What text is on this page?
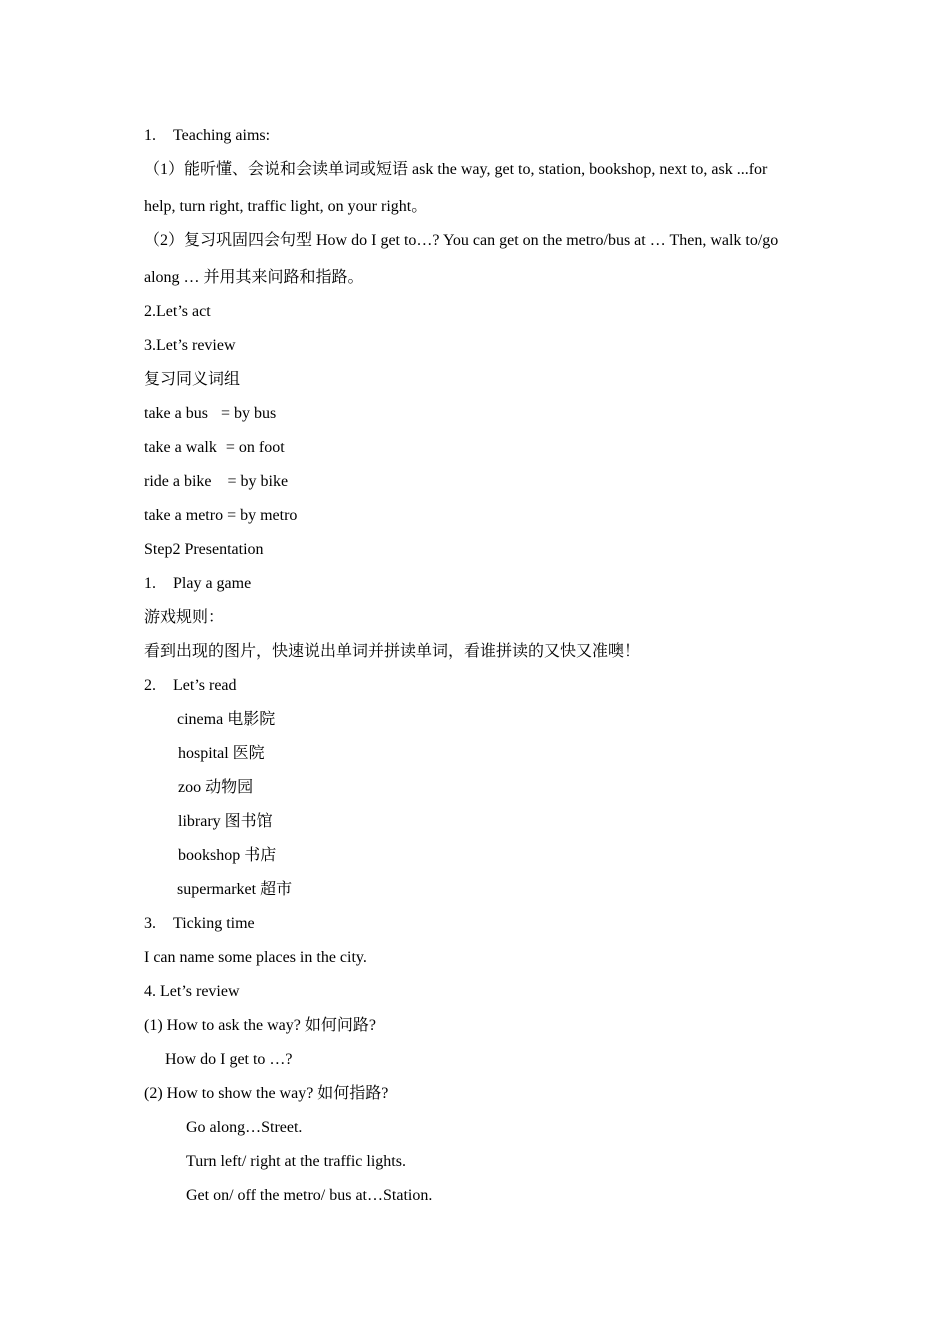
1. Teaching aims:
（1）能听懂、会说和会读单词或短语 ask the way, get to, station, bookshop, next to, ask ...for
help, turn right, traffic light, on your right。
（2）复习巩固四会句型 How do I get to…? You can get on the metro/bus at … Then, walk to/go
along … 并用其来问路和指路。
2.Let’s act
3.Let’s review
复习同义词组
take a bus = by bus
take a walk = on foot
ride a bike = by bike
take a metro = by metro
Step2 Presentation
1. Play a game
游戏规则：
看到出现的图片，快速说出单词并拼读单词，看谁拼读的又快又准噢！
2. Let’s read
cinema 电影院
hospital 医院
zoo 动物园
library 图书馆
bookshop 书店
supermarket 超市
3. Ticking time
I can name some places in the city.
4. Let’s review
(1) How to ask the way? 如何问路?
How do I get to …?
(2) How to show the way? 如何指路?
Go along…Street.
Turn left/ right at the traffic lights.
Get on/ off the metro/ bus at…Station.
